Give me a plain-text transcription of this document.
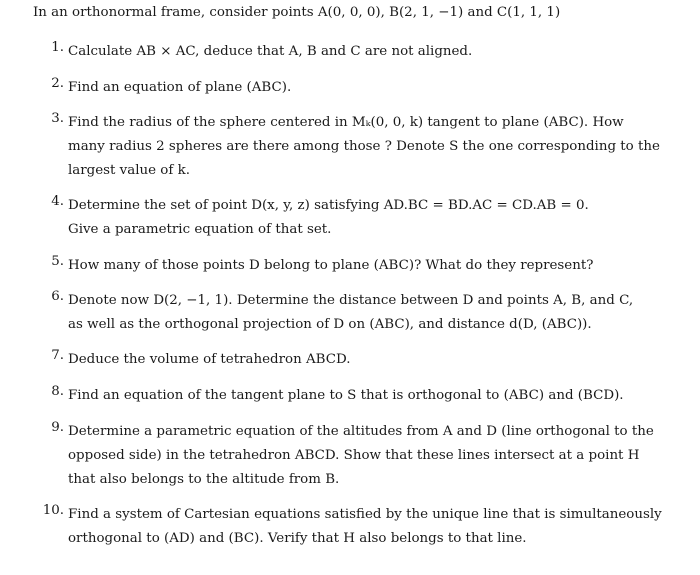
In an orthonormal frame, consider points A(0, 0, 0), B(2, 1, −1) and C(1, 1, 1)
1. Calculate AB × AC, deduce that A, B and C are not aligned.
2. Find an equation of plane (ABC).
3. Find the radius of the sphere centered in Mₖ(0, 0, k) tangent to plane (ABC). How
many radius 2 spheres are there among those ? Denote S the one corresponding to the
largest value of k.
4. Determine the set of point D(x, y, z) satisfying AD.BC = BD.AC = CD.AB = 0.
Give a parametric equation of that set.
5. How many of those points D belong to plane (ABC)? What do they represent?
6. Denote now D(2, −1, 1). Determine the distance between D and points A, B, and C,
as well as the orthogonal projection of D on (ABC), and distance d(D, (ABC)).
7. Deduce the volume of tetrahedron ABCD.
8. Find an equation of the tangent plane to S that is orthogonal to (ABC) and (BCD).
9. Determine a parametric equation of the altitudes from A and D (line orthogonal to the
opposed side) in the tetrahedron ABCD. Show that these lines intersect at a point H
that also belongs to the altitude from B.
10. Find a system of Cartesian equations satisfied by the unique line that is simultaneously
orthogonal to (AD) and (BC). Verify that H also belongs to that line.
